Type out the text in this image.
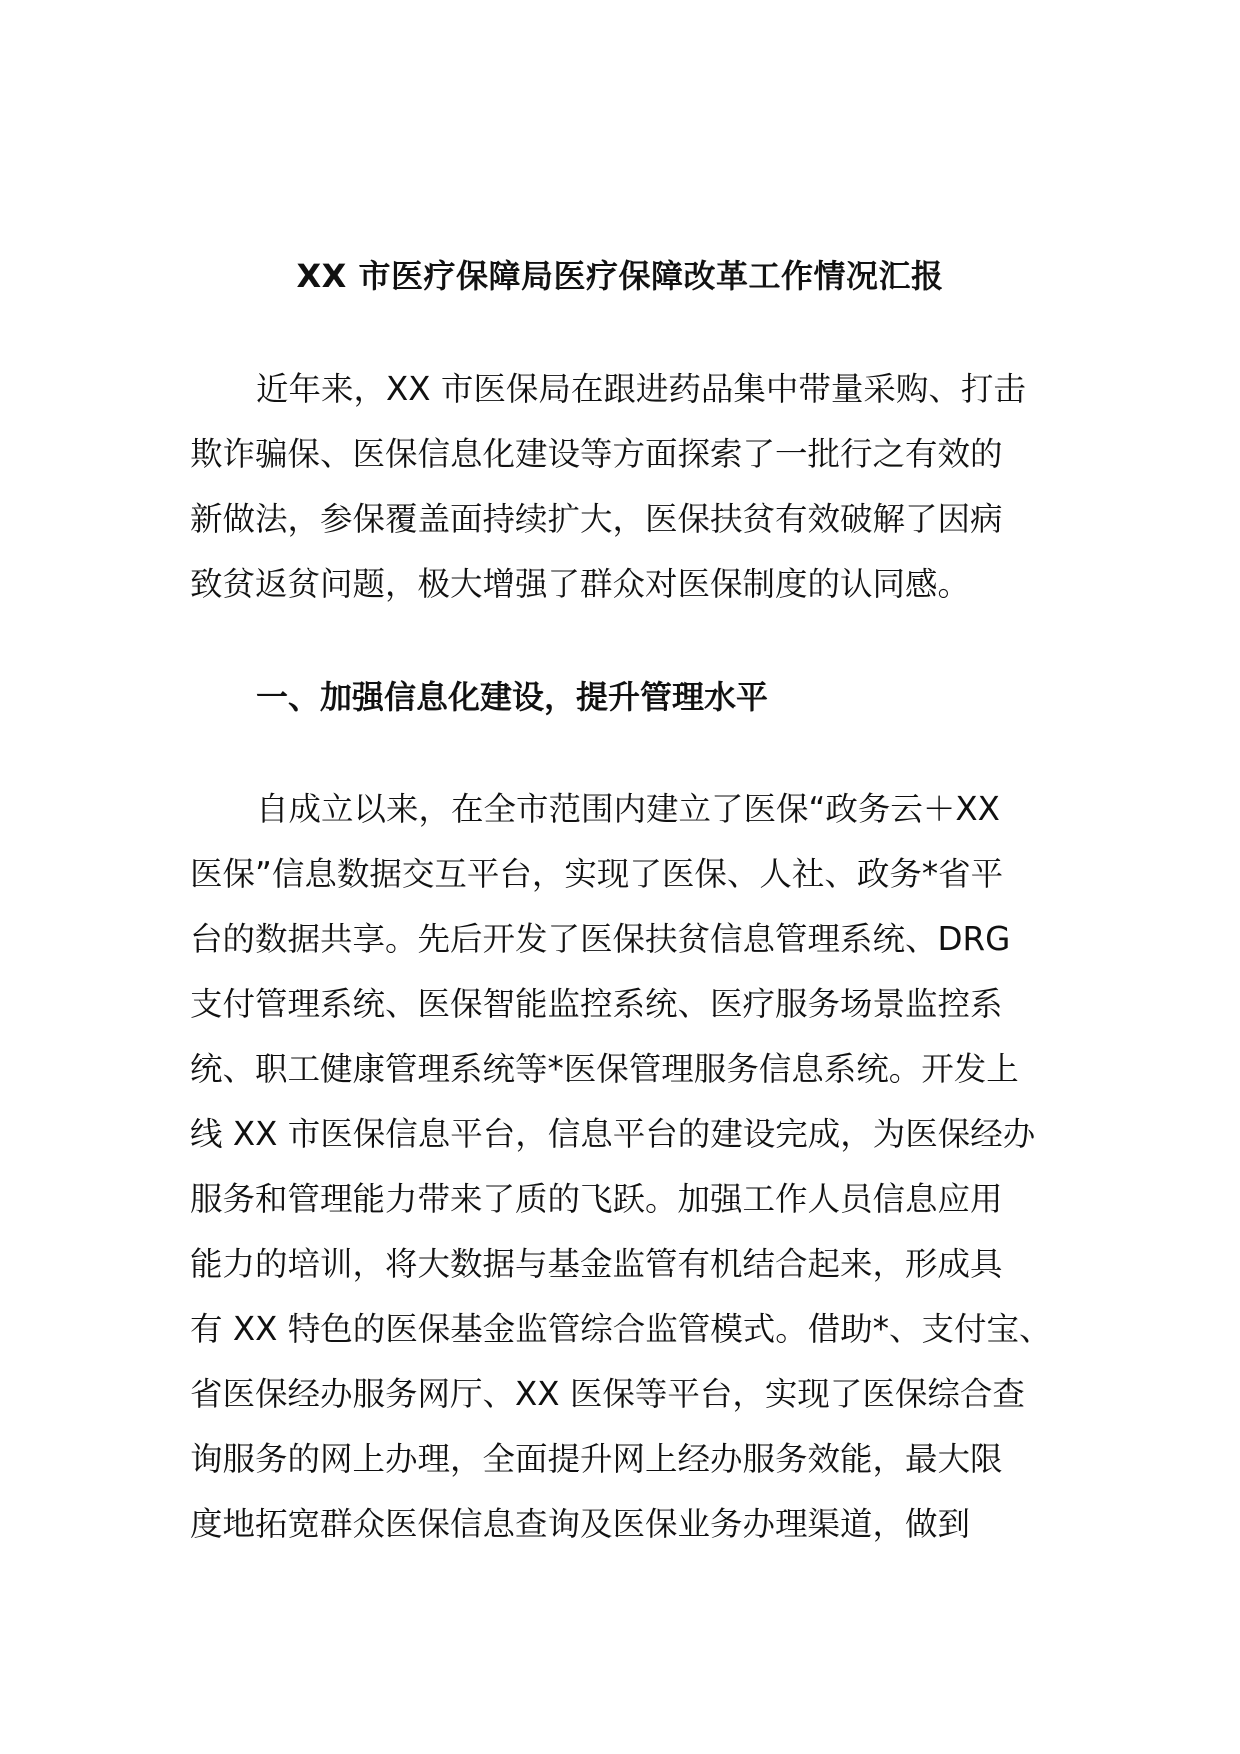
XX 市医疗保障局医疗保障改革工作情况汇报
近年来，XX 市医保局在跟进药品集中带量采购、打击
欺诈骗保、医保信息化建设等方面探索了一批行之有效的
新做法，参保覆盖面持续扩大，医保扶贫有效破解了因病
致贫返贫问题，极大增强了群众对医保制度的认同感。
一、加强信息化建设，提升管理水平
自成立以来，在全市范围内建立了医保“政务云＋XX
医保”信息数据交互平台，实现了医保、人社、政务*省平
台的数据共享。先后开发了医保扶贫信息管理系统、DRG
支付管理系统、医保智能监控系统、医疗服务场景监控系
统、职工健康管理系统等*医保管理服务信息系统。开发上
线 XX 市医保信息平台，信息平台的建设完成，为医保经办
服务和管理能力带来了质的飞跃。加强工作人员信息应用
能力的培训，将大数据与基金监管有机结合起来，形成具
有 XX 特色的医保基金监管综合监管模式。借助*、支付宝、
省医保经办服务网厅、XX 医保等平台，实现了医保综合查
询服务的网上办理，全面提升网上经办服务效能，最大限
度地拓宽群众医保信息查询及医保业务办理渠道，做到
